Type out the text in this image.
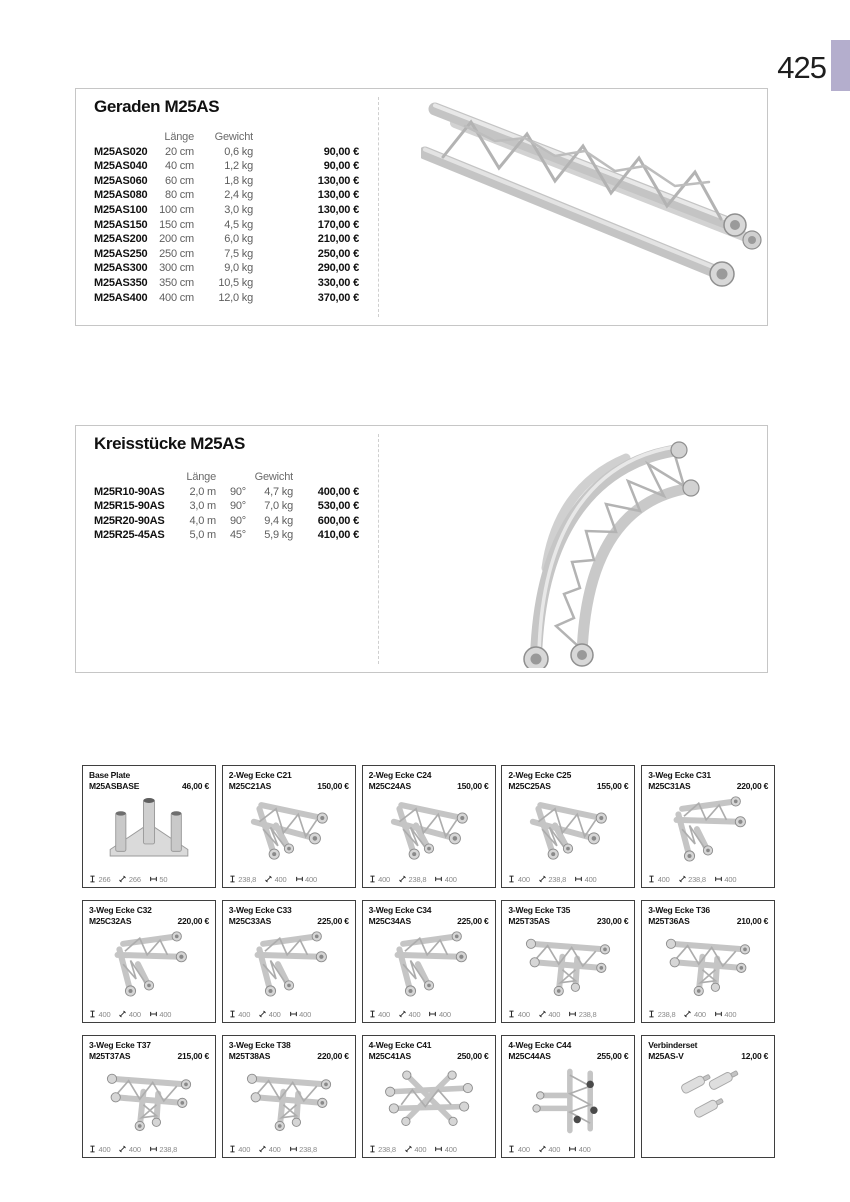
425
Geraden M25AS
	Länge	Gewicht	
M25AS020	20 cm	0,6 kg	90,00 €
M25AS040	40 cm	1,2 kg	90,00 €
M25AS060	60 cm	1,8 kg	130,00 €
M25AS080	80 cm	2,4 kg	130,00 €
M25AS100	100 cm	3,0 kg	130,00 €
M25AS150	150 cm	4,5 kg	170,00 €
M25AS200	200 cm	6,0 kg	210,00 €
M25AS250	250 cm	7,5 kg	250,00 €
M25AS300	300 cm	9,0 kg	290,00 €
M25AS350	350 cm	10,5 kg	330,00 €
M25AS400	400 cm	12,0 kg	370,00 €
Kreisstücke M25AS
	Länge		Gewicht	
M25R10-90AS	2,0 m	90°	4,7 kg	400,00 €
M25R15-90AS	3,0 m	90°	7,0 kg	530,00 €
M25R20-90AS	4,0 m	90°	9,4 kg	600,00 €
M25R25-45AS	5,0 m	45°	5,9 kg	410,00 €
Base Plate
M25ASBASE	46,00 €
266 266 50
2-Weg Ecke C21
M25C21AS	150,00 €
238,8 400 400
2-Weg Ecke C24
M25C24AS	150,00 €
400 238,8 400
2-Weg Ecke C25
M25C25AS	155,00 €
400 238,8 400
3-Weg Ecke C31
M25C31AS	220,00 €
400 238,8 400
3-Weg Ecke C32
M25C32AS	220,00 €
400 400 400
3-Weg Ecke C33
M25C33AS	225,00 €
400 400 400
3-Weg Ecke C34
M25C34AS	225,00 €
400 400 400
3-Weg Ecke T35
M25T35AS	230,00 €
400 400 238,8
3-Weg Ecke T36
M25T36AS	210,00 €
238,8 400 400
3-Weg Ecke T37
M25T37AS	215,00 €
400 400 238,8
3-Weg Ecke T38
M25T38AS	220,00 €
400 400 238,8
4-Weg Ecke C41
M25C41AS	250,00 €
238,8 400 400
4-Weg Ecke C44
M25C44AS	255,00 €
400 400 400
Verbinderset
M25AS-V	12,00 €
